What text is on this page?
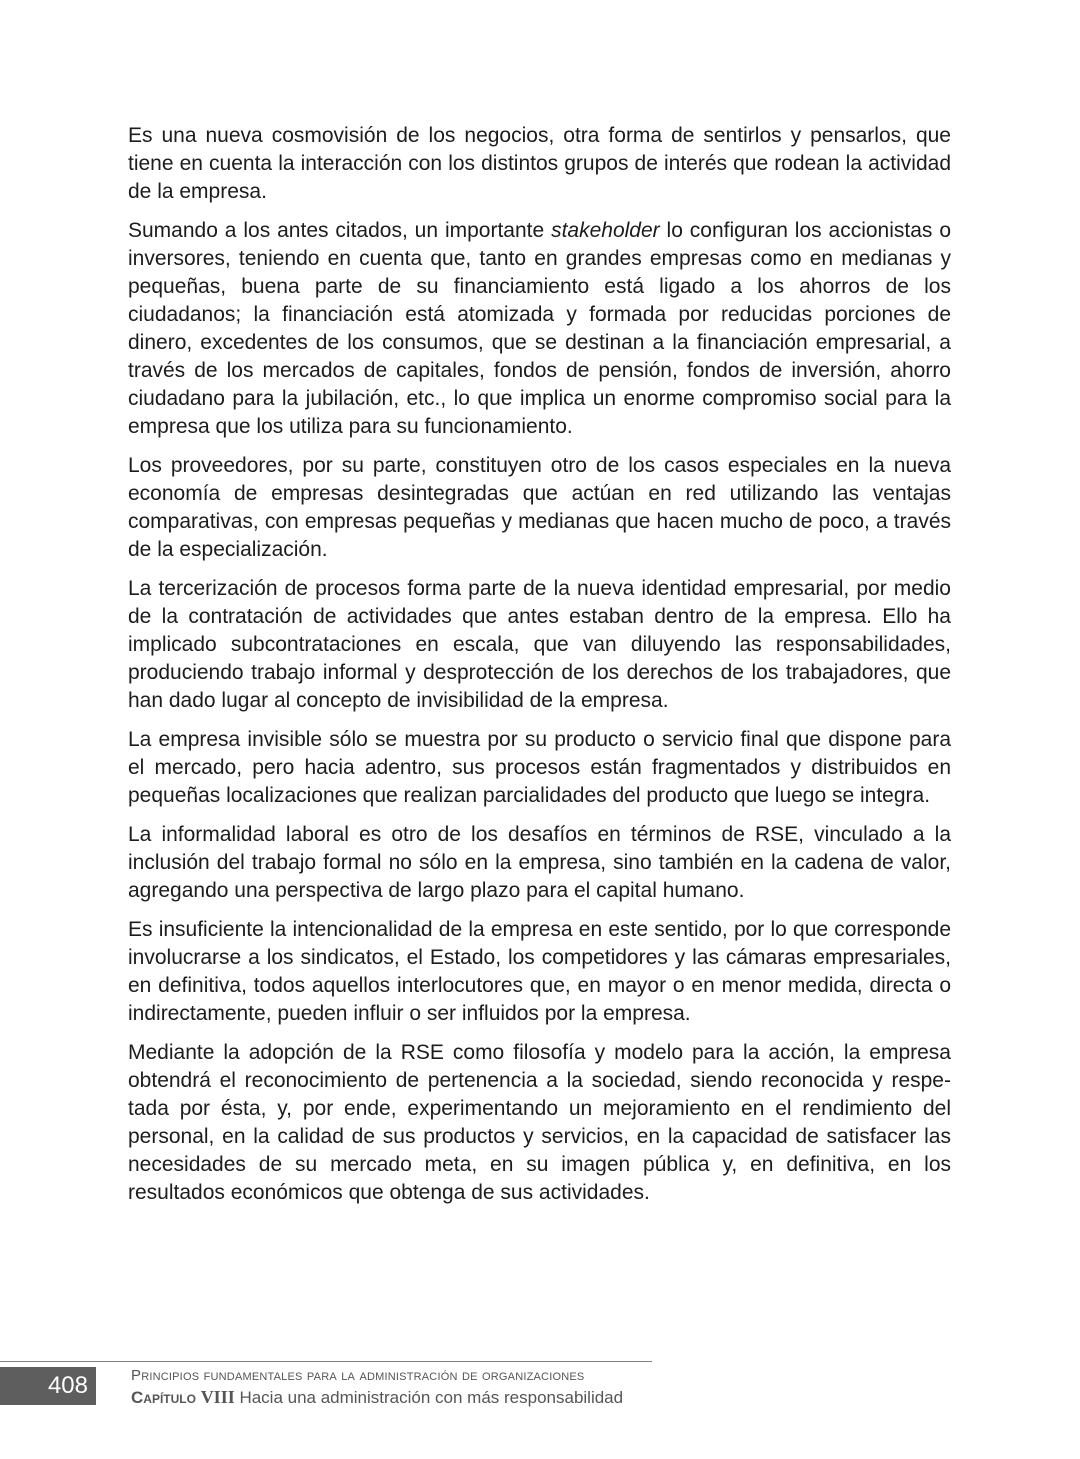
Es una nueva cosmovisión de los negocios, otra forma de sentirlos y pensarlos, que tiene en cuenta la interacción con los distintos grupos de interés que rodean la actividad de la empresa.

Sumando a los antes citados, un importante stakeholder lo configuran los accionistas o inversores, teniendo en cuenta que, tanto en grandes empresas como en medianas y pequeñas, buena parte de su financiamiento está ligado a los ahorros de los ciudadanos; la financiación está atomizada y formada por reducidas porciones de dinero, excedentes de los consumos, que se destinan a la financiación empresarial, a través de los mercados de capitales, fondos de pensión, fondos de inversión, ahorro ciudadano para la jubilación, etc., lo que implica un enorme compromiso social para la empresa que los utiliza para su funcionamiento.

Los proveedores, por su parte, constituyen otro de los casos especiales en la nueva economía de empresas desintegradas que actúan en red utilizando las ventajas comparativas, con empresas pequeñas y medianas que hacen mucho de poco, a través de la especialización.

La tercerización de procesos forma parte de la nueva identidad empresarial, por medio de la contratación de actividades que antes estaban dentro de la empresa. Ello ha implicado subcontrataciones en escala, que van diluyendo las responsabilidades, produciendo trabajo informal y desprotección de los derechos de los trabajadores, que han dado lugar al concepto de invisibilidad de la empresa.

La empresa invisible sólo se muestra por su producto o servicio final que dispone para el mercado, pero hacia adentro, sus procesos están fragmentados y distribuidos en pequeñas localizaciones que realizan parcialidades del producto que luego se integra.

La informalidad laboral es otro de los desafíos en términos de RSE, vinculado a la inclusión del trabajo formal no sólo en la empresa, sino también en la cadena de valor, agregando una perspectiva de largo plazo para el capital humano.

Es insuficiente la intencionalidad de la empresa en este sentido, por lo que corresponde involucrarse a los sindicatos, el Estado, los competidores y las cámaras empresariales, en definitiva, todos aquellos interlocutores que, en mayor o en menor medida, directa o indirectamente, pueden influir o ser influidos por la empresa.

Mediante la adopción de la RSE como filosofía y modelo para la acción, la empresa obtendrá el reconocimiento de pertenencia a la sociedad, siendo reconocida y respetada por ésta, y, por ende, experimentando un mejoramiento en el rendimiento del personal, en la calidad de sus productos y servicios, en la capacidad de satisfacer las necesidades de su mercado meta, en su imagen pública y, en definitiva, en los resultados económicos que obtenga de sus actividades.

408	Principios fundamentales para la administración de organizaciones
Capítulo VIII Hacia una administración con más responsabilidad
